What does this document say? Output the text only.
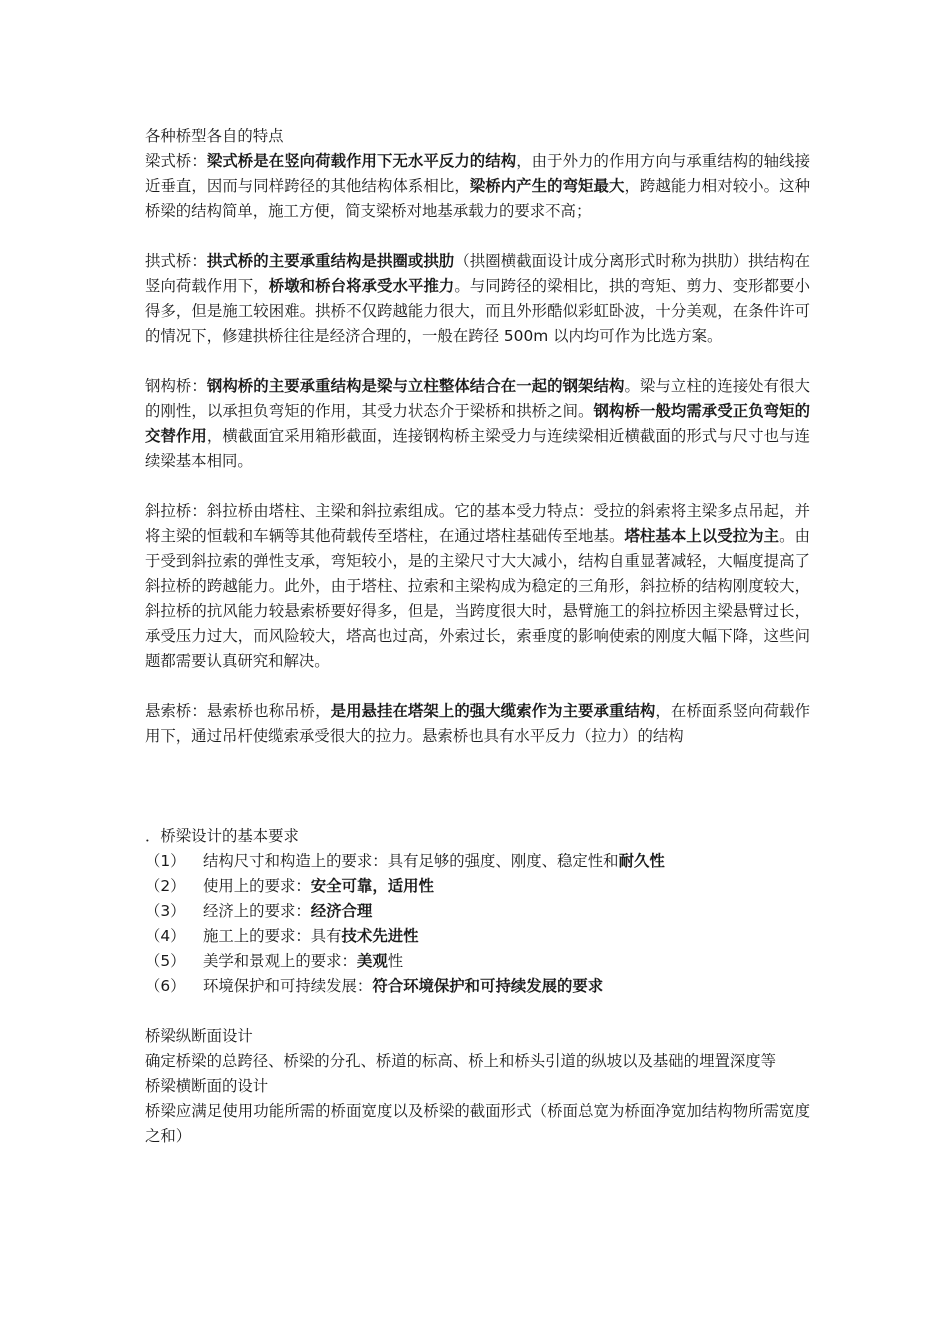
各种桥型各自的特点

梁式桥：梁式桥是在竖向荷载作用下无水平反力的结构，由于外力的作用方向与承重结构的轴线接近垂直，因而与同样跨径的其他结构体系相比，梁桥内产生的弯矩最大，跨越能力相对较小。这种桥梁的结构简单，施工方便，简支梁桥对地基承载力的要求不高；

拱式桥：拱式桥的主要承重结构是拱圈或拱肋（拱圈横截面设计成分离形式时称为拱肋）拱结构在竖向荷载作用下，桥墩和桥台将承受水平推力。与同跨径的梁相比，拱的弯矩、剪力、变形都要小得多，但是施工较困难。拱桥不仅跨越能力很大，而且外形酷似彩虹卧波，十分美观，在条件许可的情况下，修建拱桥往往是经济合理的，一般在跨径 500m 以内均可作为比选方案。

钢构桥：钢构桥的主要承重结构是梁与立柱整体结合在一起的钢架结构。梁与立柱的连接处有很大的刚性，以承担负弯矩的作用，其受力状态介于梁桥和拱桥之间。钢构桥一般均需承受正负弯矩的交替作用，横截面宜采用箱形截面，连接钢构桥主梁受力与连续梁相近横截面的形式与尺寸也与连续梁基本相同。

斜拉桥：斜拉桥由塔柱、主梁和斜拉索组成。它的基本受力特点：受拉的斜索将主梁多点吊起，并将主梁的恒载和车辆等其他荷载传至塔柱，在通过塔柱基础传至地基。塔柱基本上以受拉为主。由于受到斜拉索的弹性支承，弯矩较小，是的主梁尺寸大大减小，结构自重显著减轻，大幅度提高了斜拉桥的跨越能力。此外，由于塔柱、拉索和主梁构成为稳定的三角形，斜拉桥的结构刚度较大，斜拉桥的抗风能力较悬索桥要好得多，但是，当跨度很大时，悬臂施工的斜拉桥因主梁悬臂过长，承受压力过大，而风险较大，塔高也过高，外索过长，索垂度的影响使索的刚度大幅下降，这些问题都需要认真研究和解决。

悬索桥：悬索桥也称吊桥，是用悬挂在塔架上的强大缆索作为主要承重结构，在桥面系竖向荷载作用下，通过吊杆使缆索承受很大的拉力。悬索桥也具有水平反力（拉力）的结构

．桥梁设计的基本要求

（1）	结构尺寸和构造上的要求：具有足够的强度、刚度、稳定性和耐久性
（2）	使用上的要求：安全可靠，适用性
（3）	经济上的要求：经济合理
（4）	施工上的要求：具有技术先进性
（5）	美学和景观上的要求：美观性
（6）	环境保护和可持续发展：符合环境保护和可持续发展的要求

桥梁纵断面设计

确定桥梁的总跨径、桥梁的分孔、桥道的标高、桥上和桥头引道的纵坡以及基础的埋置深度等

桥梁横断面的设计

桥梁应满足使用功能所需的桥面宽度以及桥梁的截面形式（桥面总宽为桥面净宽加结构物所需宽度之和）
